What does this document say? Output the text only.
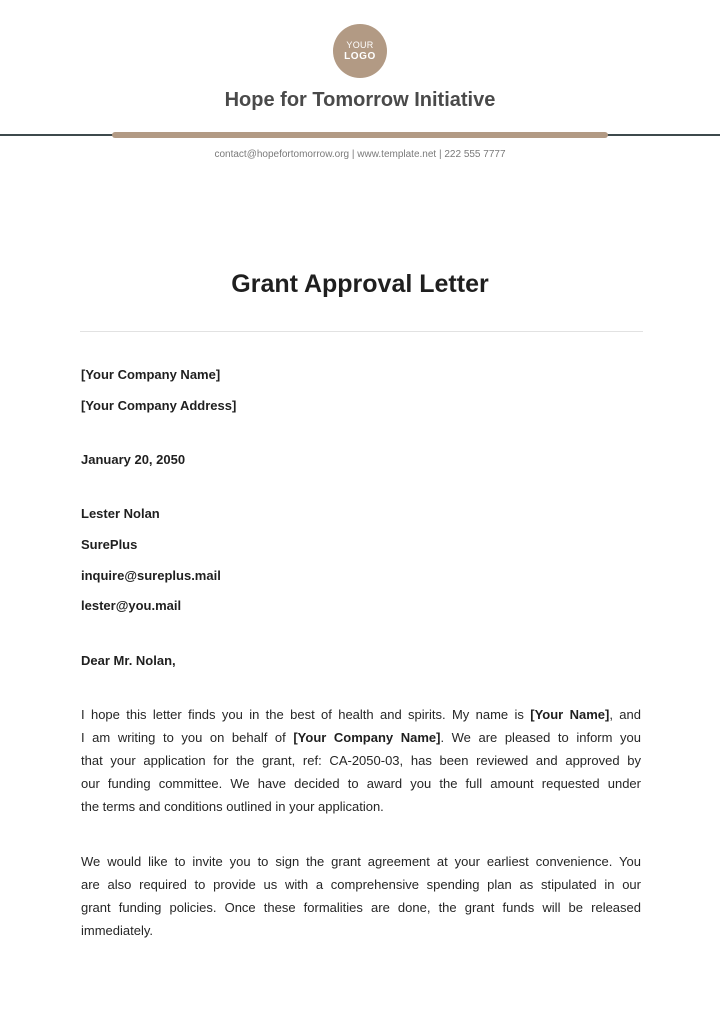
YOUR
LOGO
Hope for Tomorrow Initiative
contact@hopefortomorrow.org | www.template.net | 222 555 7777
Grant Approval Letter
[Your Company Name]
[Your Company Address]
January 20, 2050
Lester Nolan
SurePlus
inquire@sureplus.mail
lester@you.mail
Dear Mr. Nolan,
I hope this letter finds you in the best of health and spirits. My name is [Your Name], and
I am writing to you on behalf of [Your Company Name]. We are pleased to inform you
that your application for the grant, ref: CA-2050-03, has been reviewed and approved by
our funding committee. We have decided to award you the full amount requested under
the terms and conditions outlined in your application.
We would like to invite you to sign the grant agreement at your earliest convenience. You
are also required to provide us with a comprehensive spending plan as stipulated in our
grant funding policies. Once these formalities are done, the grant funds will be released
immediately.
